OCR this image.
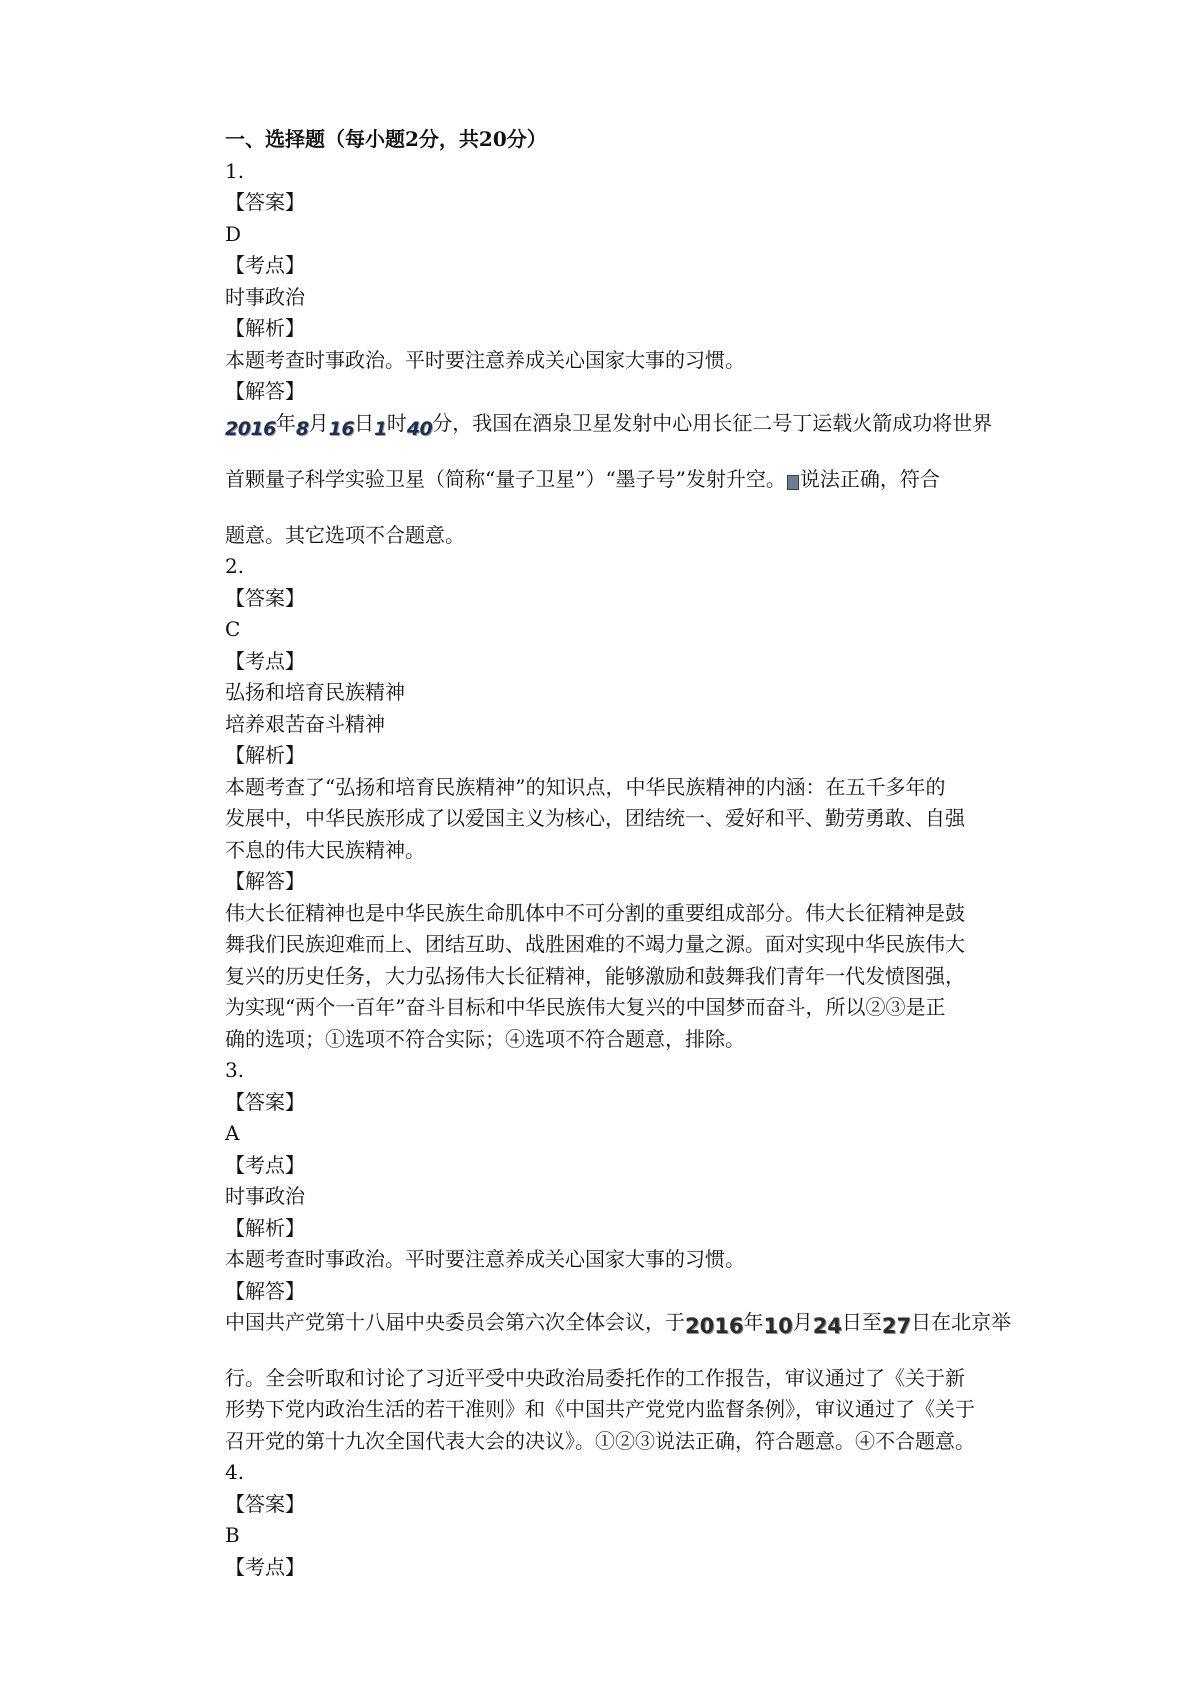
一、选择题（每小题2分，共20分）
1.
【答案】
D
【考点】
时事政治
【解析】
本题考查时事政治。平时要注意养成关心国家大事的习惯。
【解答】
2016年8月16日1时40分，我国在酒泉卫星发射中心用长征二号丁运载火箭成功将世界
首颗量子科学实验卫星（简称“量子卫星”）“墨子号”发射升空。 说法正确，符合
题意。其它选项不合题意。
2.
【答案】
C
【考点】
弘扬和培育民族精神
培养艰苦奋斗精神
【解析】
本题考查了“弘扬和培育民族精神”的知识点，中华民族精神的内涵：在五千多年的
发展中，中华民族形成了以爱国主义为核心，团结统一、爱好和平、勤劳勇敢、自强
不息的伟大民族精神。
【解答】
伟大长征精神也是中华民族生命肌体中不可分割的重要组成部分。伟大长征精神是鼓
舞我们民族迎难而上、团结互助、战胜困难的不竭力量之源。面对实现中华民族伟大
复兴的历史任务，大力弘扬伟大长征精神，能够激励和鼓舞我们青年一代发愤图强，
为实现“两个一百年”奋斗目标和中华民族伟大复兴的中国梦而奋斗，所以②③是正
确的选项；①选项不符合实际；④选项不符合题意，排除。
3.
【答案】
A
【考点】
时事政治
【解析】
本题考查时事政治。平时要注意养成关心国家大事的习惯。
【解答】
中国共产党第十八届中央委员会第六次全体会议，于2016年10月24日至27日在北京举
行。全会听取和讨论了习近平受中央政治局委托作的工作报告，审议通过了《关于新
形势下党内政治生活的若干准则》和《中国共产党党内监督条例》，审议通过了《关于
召开党的第十九次全国代表大会的决议》。①②③说法正确，符合题意。④不合题意。
4.
【答案】
B
【考点】
